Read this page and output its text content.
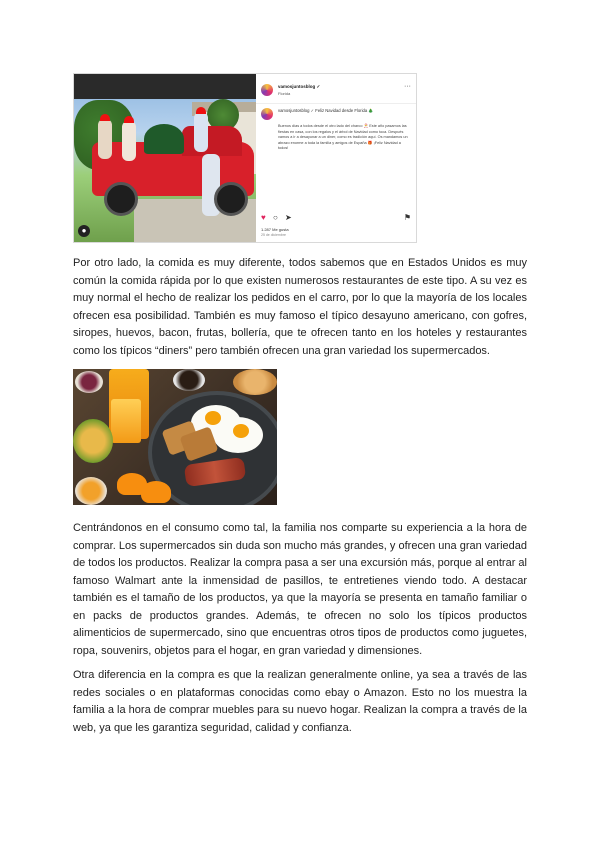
●
vamosjuntosblog ✓
Florida
···
vamosjuntosblog ✓ Feliz Navidad desde Florida 🎄
Buenos días a todos desde el otro lado del charco 🎅 Este año pasamos las fiestas en casa, con los regalos y el árbol de Navidad como toca. Después vamos a ir a desayunar a un diner, como es tradición aquí. Os mandamos un abrazo enorme a toda la familia y amigos de España 🎁 ¡Feliz Navidad a todos!
♥ ○ ➤	⚑
1.287 Me gusta
25 de diciembre

Por otro lado, la comida es muy diferente, todos sabemos que en Estados Unidos es muy común la comida rápida por lo que existen numerosos restaurantes de este tipo. A su vez es muy normal el hecho de realizar los pedidos en el carro, por lo que la mayoría de los locales ofrecen esa posibilidad. También es muy famoso el típico desayuno americano, con gofres, siropes, huevos, bacon, frutas, bollería, que te ofrecen tanto en los hoteles y restaurantes como los típicos “diners” pero también ofrecen una gran variedad los supermercados.

Centrándonos en el consumo como tal, la familia nos comparte su experiencia a la hora de comprar. Los supermercados sin duda son mucho más grandes, y ofrecen una gran variedad de todos los productos. Realizar la compra pasa a ser una excursión más, porque al entrar al famoso Walmart ante la inmensidad de pasillos, te entretienes viendo todo. A destacar también es el tamaño de los productos, ya que la mayoría se presenta en tamaño familiar o en packs de productos grandes. Además, te ofrecen no solo los típicos productos alimenticios de supermercado, sino que encuentras otros tipos de productos como juguetes, ropa, souvenirs, objetos para el hogar, en gran variedad y dimensiones.

Otra diferencia en la compra es que la realizan generalmente online, ya sea a través de las redes sociales o en plataformas conocidas como ebay o Amazon. Esto no los muestra la familia a la hora de comprar muebles para su nuevo hogar. Realizan la compra a través de la web, ya que les garantiza seguridad, calidad y confianza.
